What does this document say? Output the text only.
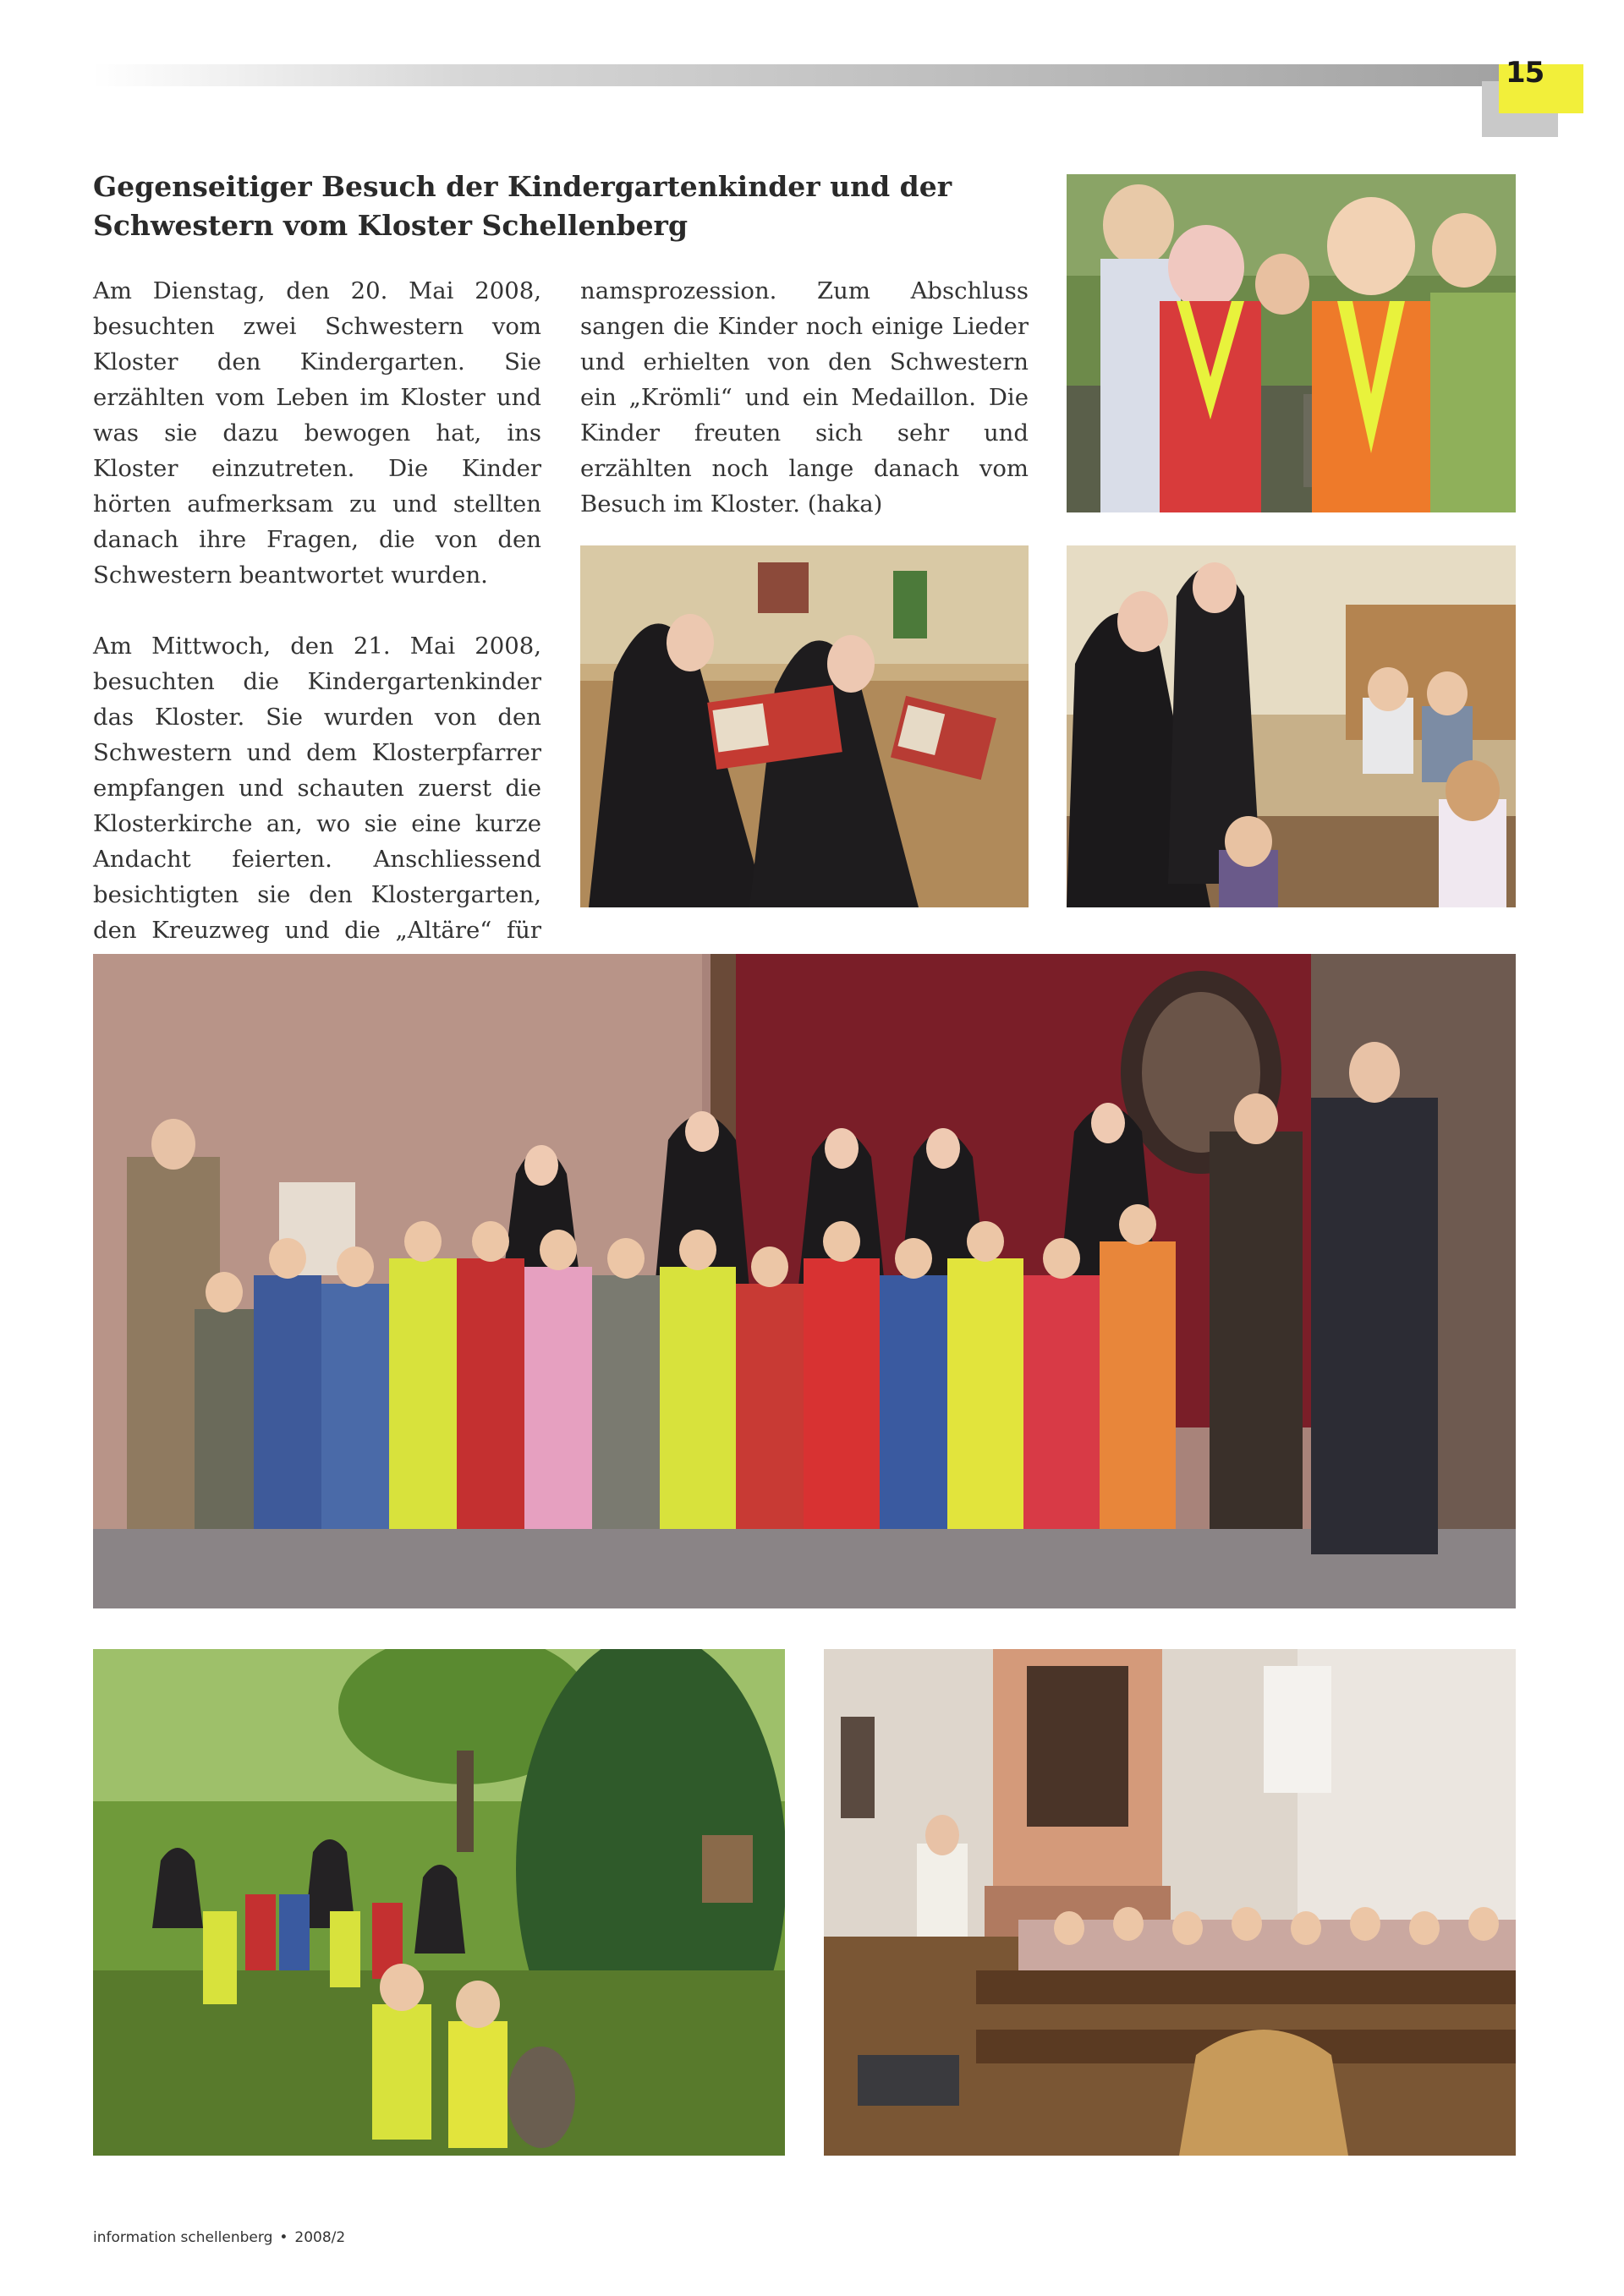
15
Gegenseitiger Besuch der Kindergartenkinder und der Schwestern vom Kloster Schellenberg

Am Dienstag, den 20. Mai 2008, besuchten zwei Schwestern vom Kloster den Kindergarten. Sie erzählten vom Leben im Kloster und was sie dazu bewogen hat, ins Kloster einzutreten. Die Kinder hörten aufmerksam zu und stellten danach ihre Fragen, die von den Schwestern beantwortet wurden.

Am Mittwoch, den 21. Mai 2008, besuchten die Kindergartenkinder das Kloster. Sie wurden von den Schwestern und dem Klosterpfarrer empfangen und schauten zuerst die Klosterkirche an, wo sie eine kurze Andacht feierten. Anschliessend besichtigten sie den Klostergarten, den Kreuzweg und die „Altäre“ für

namsprozession. Zum Abschluss sangen die Kinder noch einige Lieder und erhielten von den Schwestern ein „Krömli“ und ein Medaillon. Die Kinder freuten sich sehr und erzählten noch lange danach vom Besuch im Kloster. (haka)

information schellenberg • 2008/2
